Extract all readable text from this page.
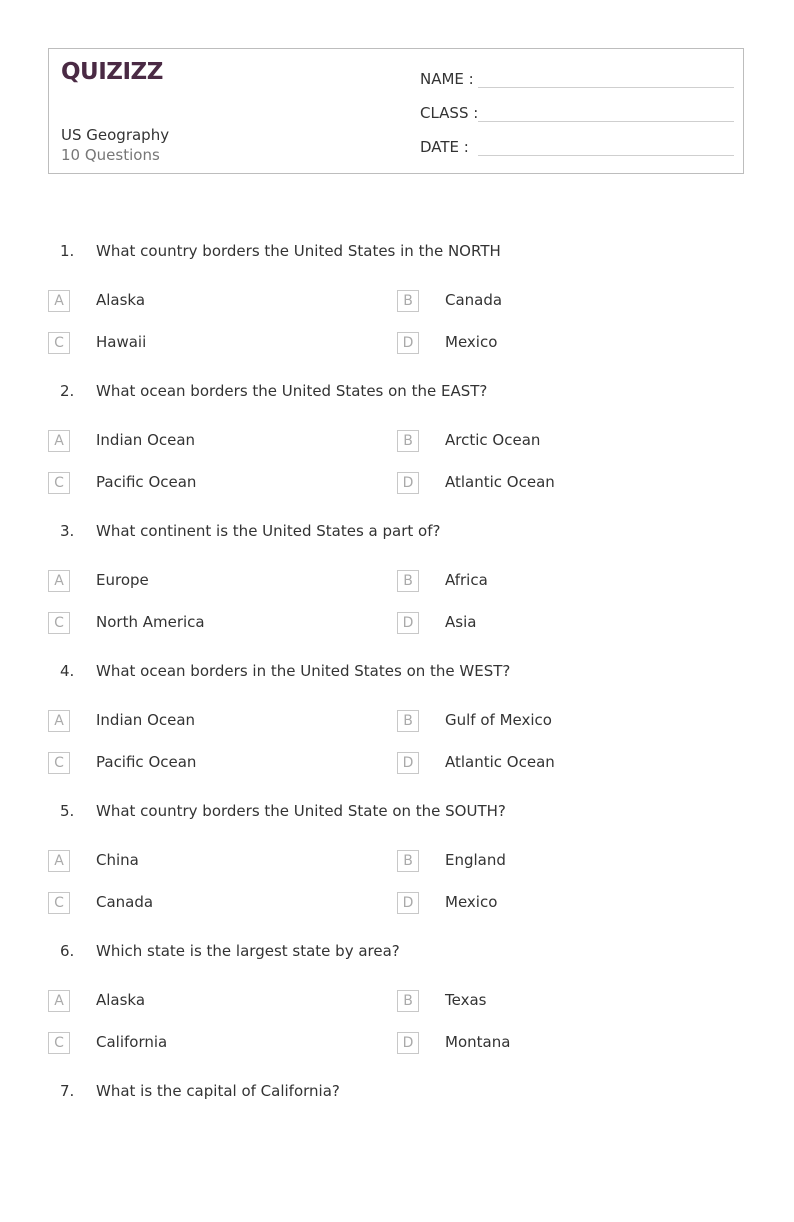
QUIZIZZ
US Geography
10 Questions
NAME :
CLASS :
DATE :
1. What country borders the United States in the NORTH
A	Alaska	B	Canada
C	Hawaii	D	Mexico
2. What ocean borders the United States on the EAST?
A	Indian Ocean	B	Arctic Ocean
C	Pacific Ocean	D	Atlantic Ocean
3. What continent is the United States a part of?
A	Europe	B	Africa
C	North America	D	Asia
4. What ocean borders in the United States on the WEST?
A	Indian Ocean	B	Gulf of Mexico
C	Pacific Ocean	D	Atlantic Ocean
5. What country borders the United State on the SOUTH?
A	China	B	England
C	Canada	D	Mexico
6. Which state is the largest state by area?
A	Alaska	B	Texas
C	California	D	Montana
7. What is the capital of California?
